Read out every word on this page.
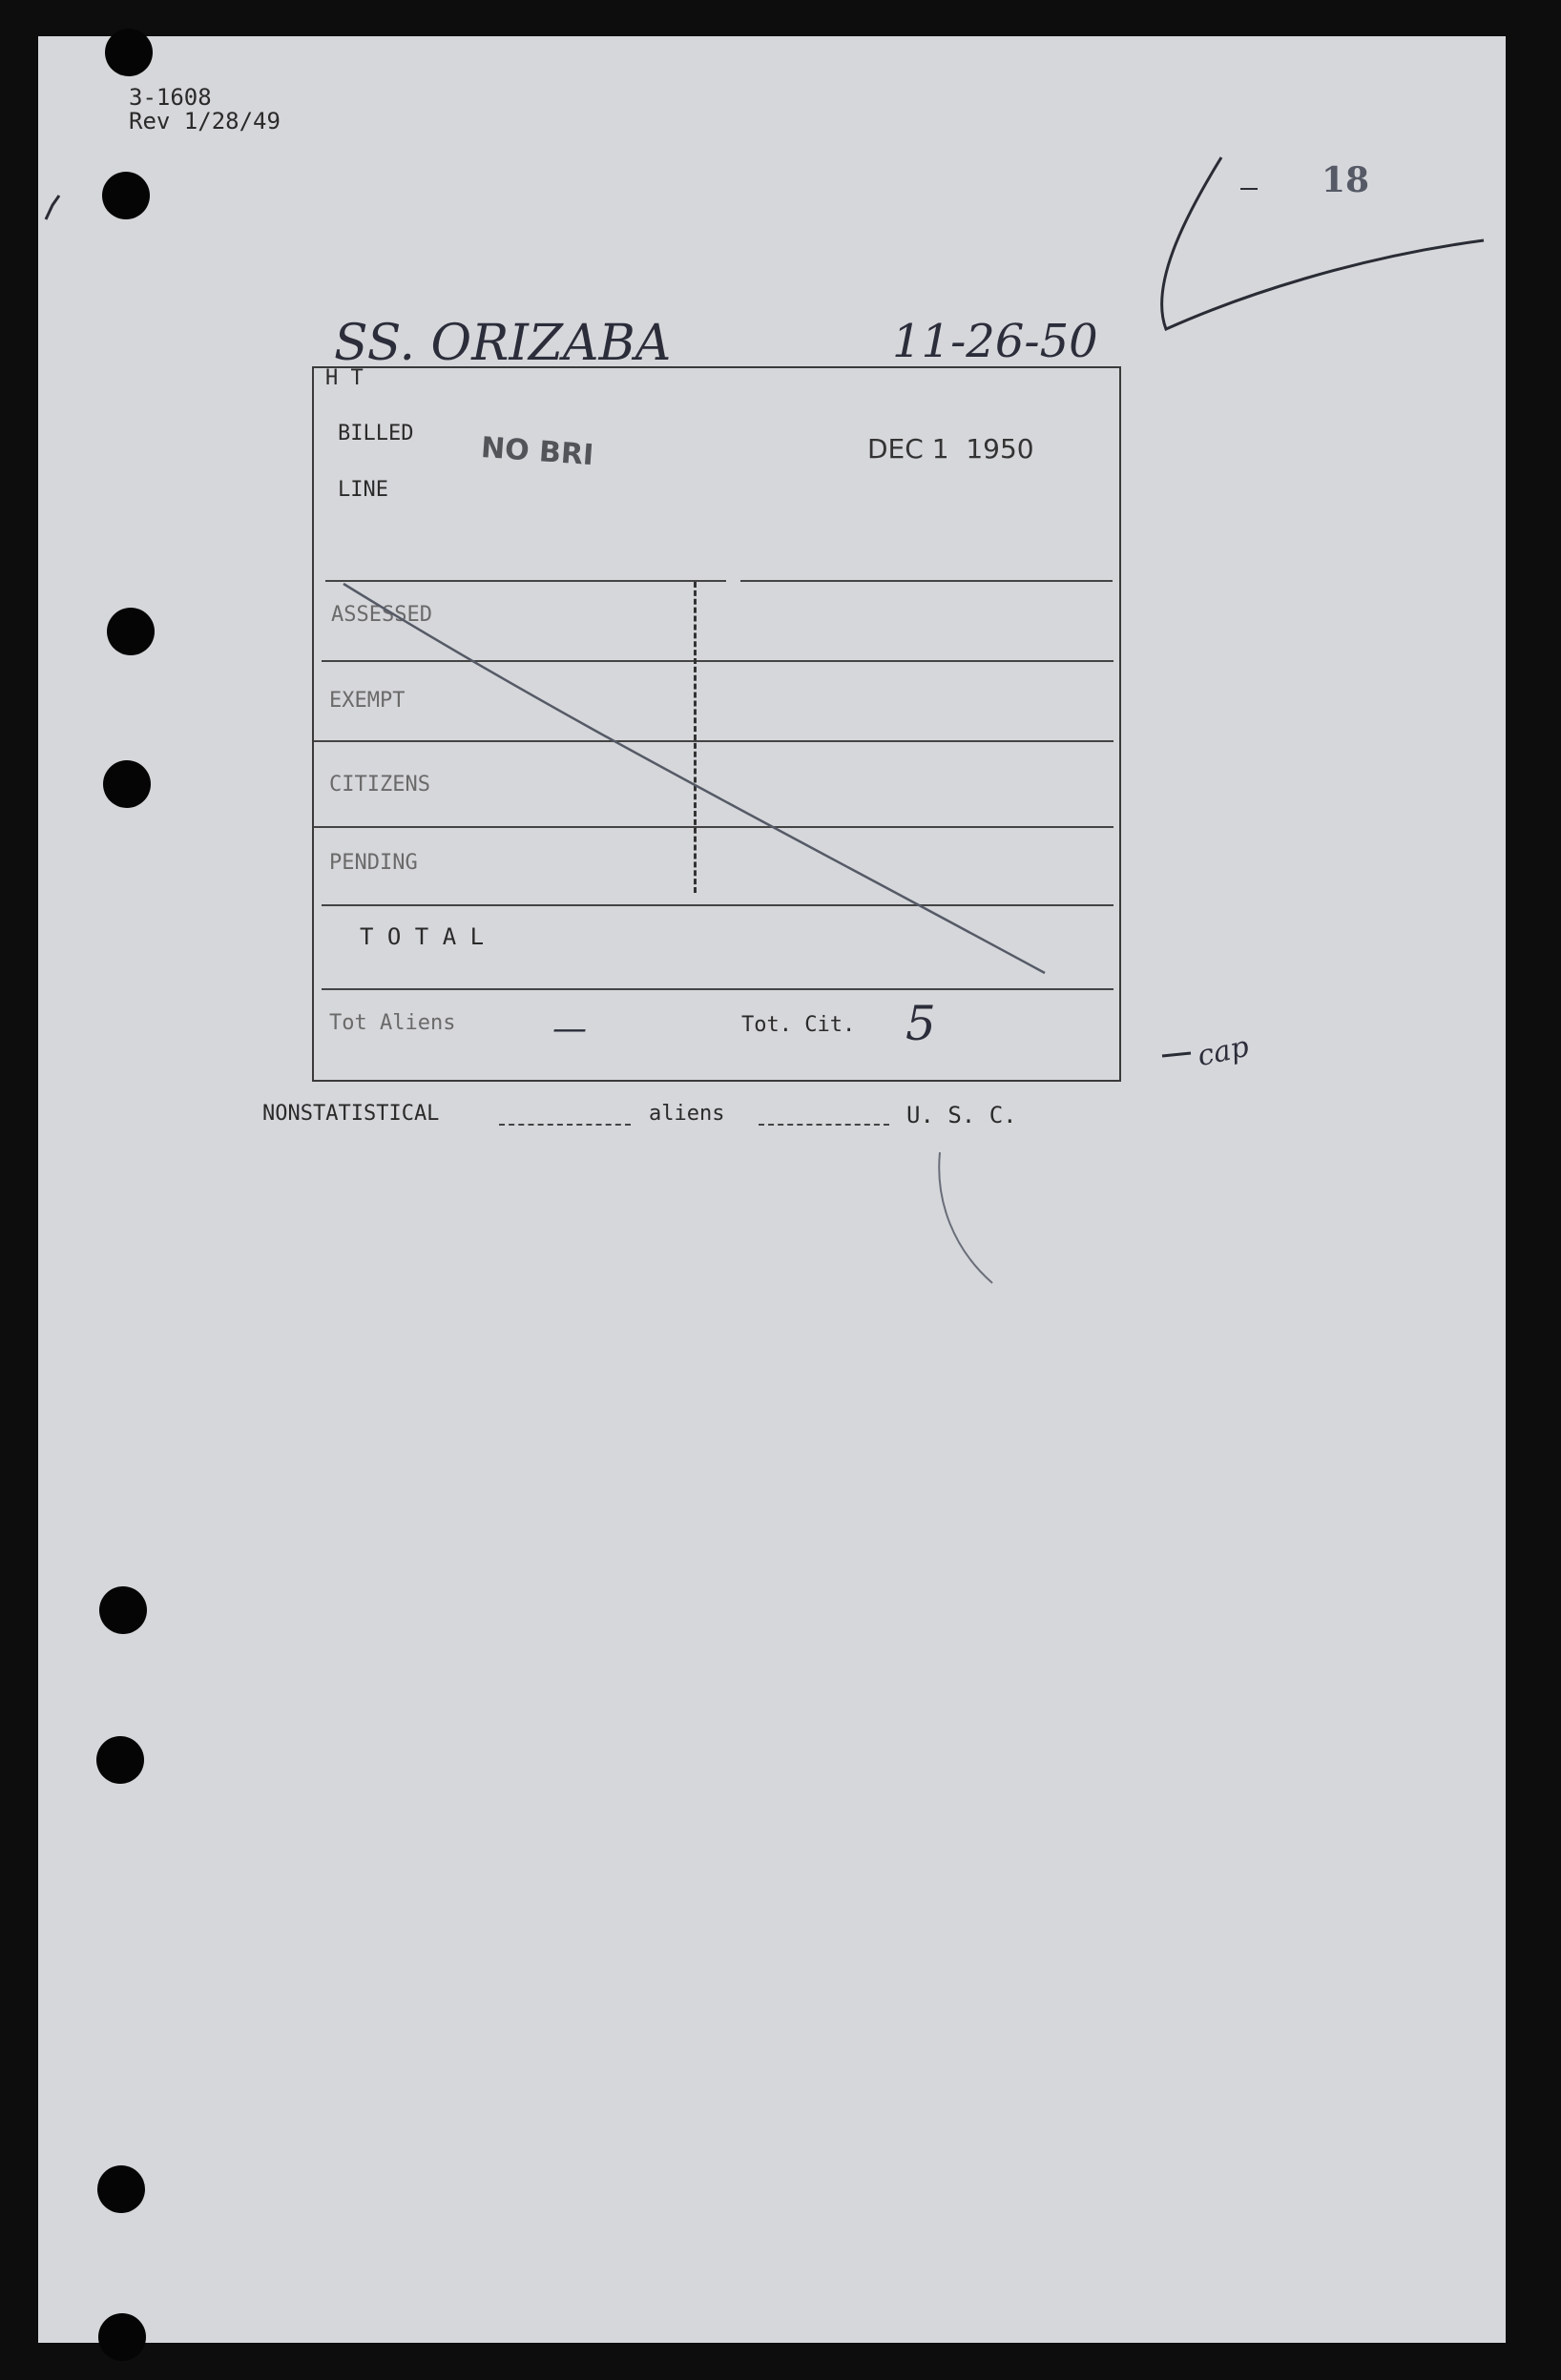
3-1608
Rev 1/28/49
18
SS. ORIZABA	11-26-50
H T
BILLED
LINE
NO BRI	DEC 1  1950
ASSESSED
EXEMPT
CITIZENS
PENDING
T O T A L
Tot Aliens	—	Tot. Cit. 5
NONSTATISTICAL	aliens	U. S. C.
cap
